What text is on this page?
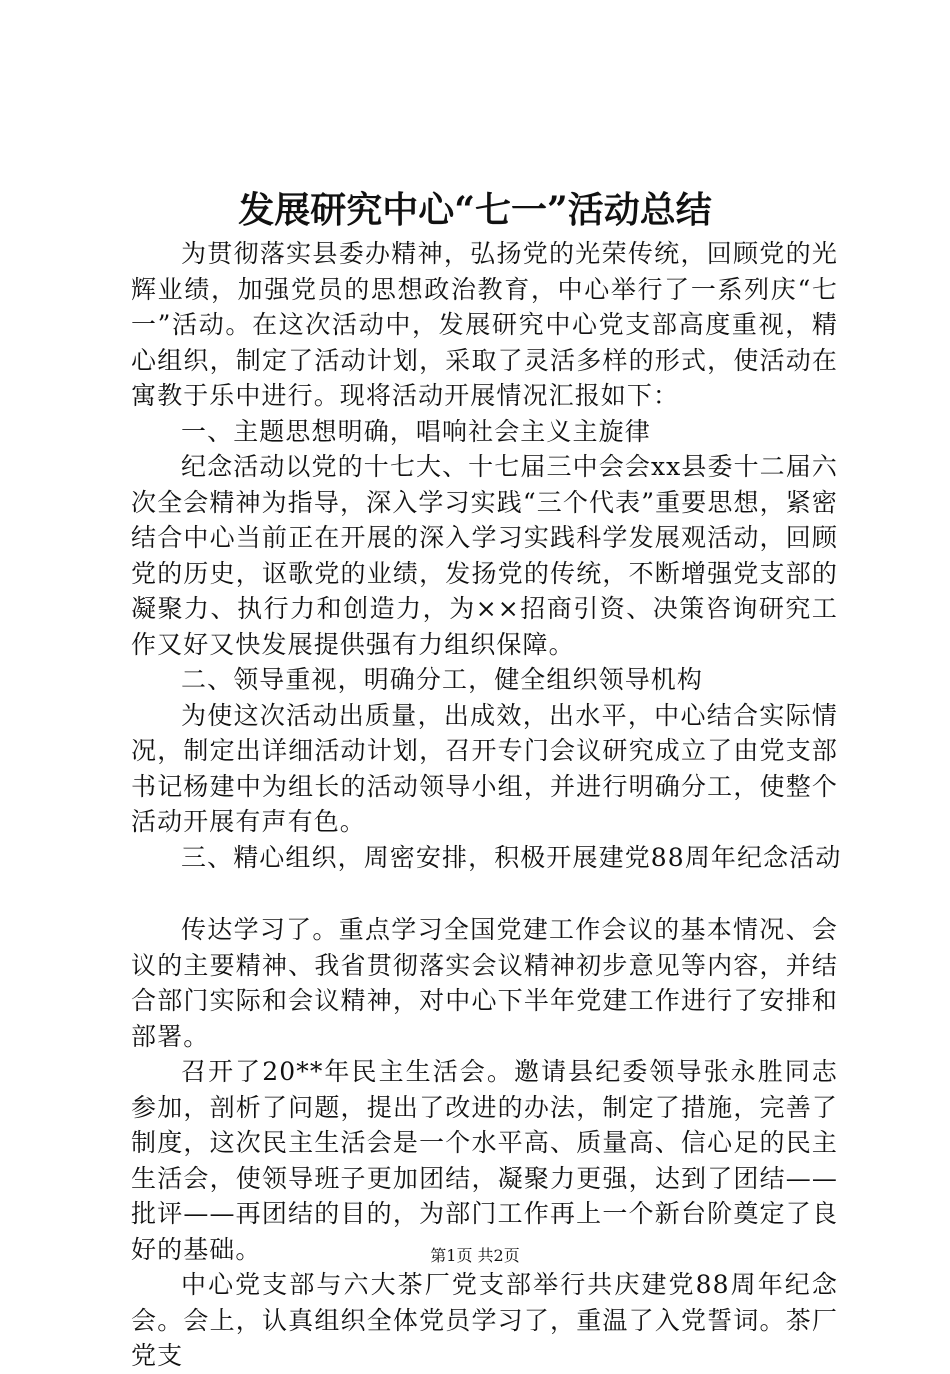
发展研究中心“七一”活动总结

为贯彻落实县委办精神，弘扬党的光荣传统，回顾党的光辉业绩，加强党员的思想政治教育，中心举行了一系列庆“七一”活动。在这次活动中，发展研究中心党支部高度重视，精心组织，制定了活动计划，采取了灵活多样的形式，使活动在寓教于乐中进行。现将活动开展情况汇报如下：

一、主题思想明确，唱响社会主义主旋律

纪念活动以党的十七大、十七届三中会会xx县委十二届六次全会精神为指导，深入学习实践“三个代表”重要思想，紧密结合中心当前正在开展的深入学习实践科学发展观活动，回顾党的历史，讴歌党的业绩，发扬党的传统，不断增强党支部的凝聚力、执行力和创造力，为××招商引资、决策咨询研究工作又好又快发展提供强有力组织保障。

二、领导重视，明确分工，健全组织领导机构

为使这次活动出质量，出成效，出水平，中心结合实际情况，制定出详细活动计划，召开专门会议研究成立了由党支部书记杨建中为组长的活动领导小组，并进行明确分工，使整个活动开展有声有色。

三、精心组织，周密安排，积极开展建党88周年纪念活动

传达学习了。重点学习全国党建工作会议的基本情况、会议的主要精神、我省贯彻落实会议精神初步意见等内容，并结合部门实际和会议精神，对中心下半年党建工作进行了安排和部署。

召开了20**年民主生活会。邀请县纪委领导张永胜同志参加，剖析了问题，提出了改进的办法，制定了措施，完善了制度，这次民主生活会是一个水平高、质量高、信心足的民主生活会，使领导班子更加团结，凝聚力更强，达到了团结——批评——再团结的目的，为部门工作再上一个新台阶奠定了良好的基础。

中心党支部与六大茶厂党支部举行共庆建党88周年纪念会。会上，认真组织全体党员学习了，重温了入党誓词。茶厂党支

第1页 共2页
